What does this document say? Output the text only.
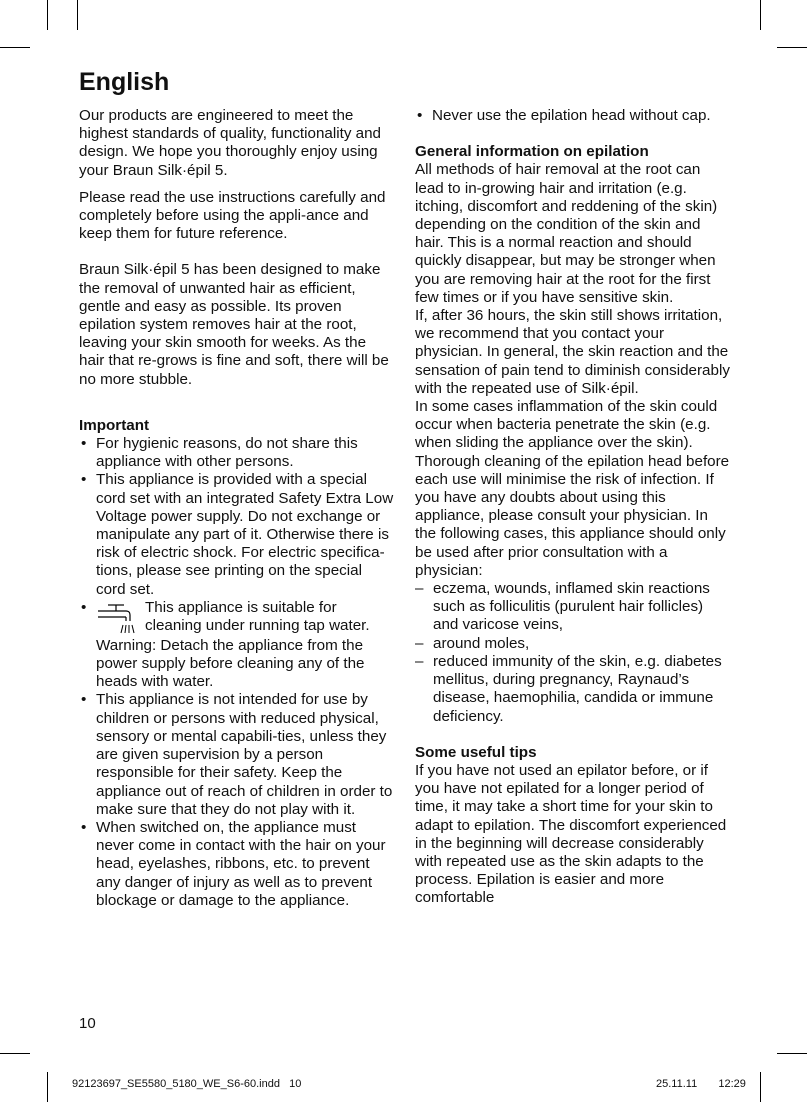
English

Our products are engineered to meet the highest standards of quality, functionality and design. We hope you thoroughly enjoy using your Braun Silk·épil 5.

Please read the use instructions carefully and completely before using the appli-ance and keep them for future reference.

Braun Silk·épil 5 has been designed to make the removal of unwanted hair as efficient, gentle and easy as possible. Its proven epilation system removes hair at the root, leaving your skin smooth for weeks. As the hair that re-grows is fine and soft, there will be no more stubble.

Important

• For hygienic reasons, do not share this appliance with other persons.
• This appliance is provided with a special cord set with an integrated Safety Extra Low Voltage power supply. Do not exchange or manipulate any part of it. Otherwise there is risk of electric shock. For electric specifica-tions, please see printing on the special cord set.
• This appliance is suitable for cleaning under running tap water.

Warning: Detach the appliance from the power supply before cleaning any of the heads with water.

• This appliance is not intended for use by children or persons with reduced physical, sensory or mental capabili-ties, unless they are given supervision by a person responsible for their safety. Keep the appliance out of reach of children in order to make sure that they do not play with it.
• When switched on, the appliance must never come in contact with the hair on your head, eyelashes, ribbons, etc. to prevent any danger of injury as well as to prevent blockage or damage to the appliance.
• Never use the epilation head without cap.

General information on epilation

All methods of hair removal at the root can lead to in-growing hair and irritation (e.g. itching, discomfort and reddening of the skin) depending on the condition of the skin and hair. This is a normal reaction and should quickly disappear, but may be stronger when you are removing hair at the root for the first few times or if you have sensitive skin.

If, after 36 hours, the skin still shows irritation, we recommend that you contact your physician. In general, the skin reaction and the sensation of pain tend to diminish considerably with the repeated use of Silk·épil.

In some cases inflammation of the skin could occur when bacteria penetrate the skin (e.g. when sliding the appliance over the skin).

Thorough cleaning of the epilation head before each use will minimise the risk of infection. If you have any doubts about using this appliance, please consult your physician. In the following cases, this appliance should only be used after prior consultation with a physician:

– eczema, wounds, inflamed skin reactions such as folliculitis (purulent hair follicles) and varicose veins,
– around moles,
– reduced immunity of the skin, e.g. diabetes mellitus, during pregnancy, Raynaud’s disease, haemophilia, candida or immune deficiency.

Some useful tips

If you have not used an epilator before, or if you have not epilated for a longer period of time, it may take a short time for your skin to adapt to epilation. The discomfort experienced in the beginning will decrease considerably with repeated use as the skin adapts to the process. Epilation is easier and more comfortable

10
92123697_SE5580_5180_WE_S6-60.indd   10	25.11.11   12:29
